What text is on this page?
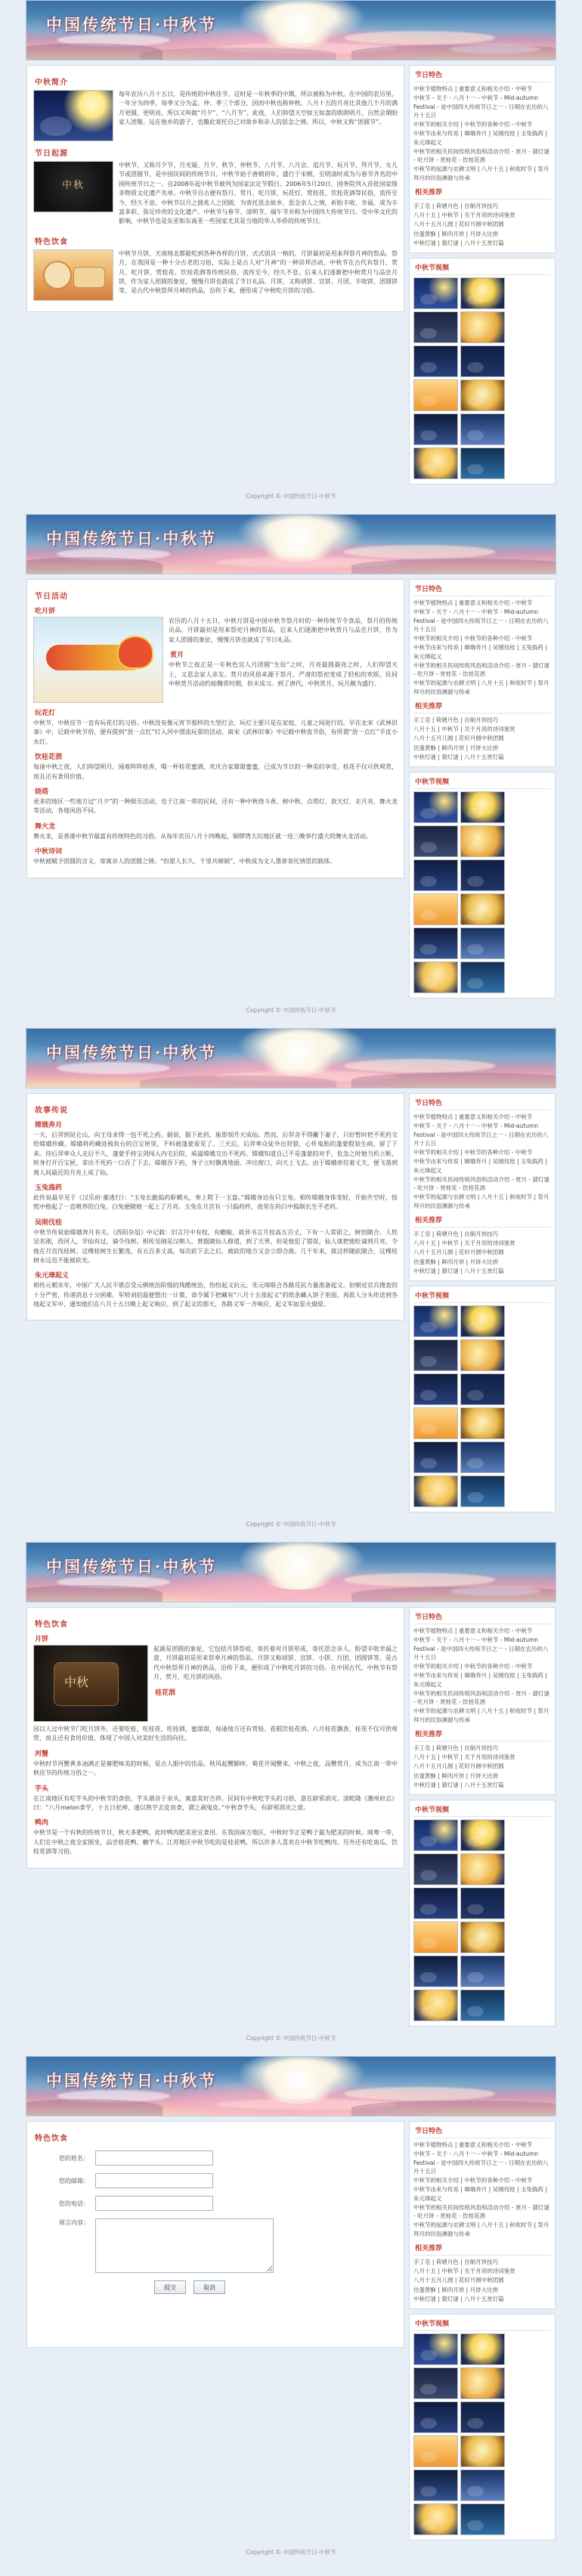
中国传统节日·中秋节
中秋简介
每年农历八月十五日，是传统的中秋佳节。这时是一年秋季的中期，所以被称为中秋。在中国的农历里，一年分为四季，每季又分为孟、仲、季三个部分，因而中秋也称仲秋。八月十五的月亮比其他几个月的满月更圆，更明亮，所以又叫做“月夕”、“八月节”。此夜，人们仰望天空如玉如盘的朗朗明月，自然会期盼家人团聚。远在他乡的游子，也籍此寄托自己对故乡和亲人的思念之情。所以，中秋又称“团圆节”。
节日起源
中秋
中秋节，又称月夕节、月光诞、月夕、秋节、仲秋节、八月节、八月会、追月节、玩月节、拜月节、女儿节或团圆节，是中国民间的传统节日。中秋节始于唐朝初年，盛行于宋朝，至明清时成为与春节齐名的中国传统节日之一。自2008年起中秋节被列为国家法定节假日。2006年5月20日，国务院列入首批国家级非物质文化遗产名单。中秋节自古便有祭月、赏月、吃月饼、玩花灯、赏桂花、饮桂花酒等民俗，流传至今，经久不息。中秋节以月之圆兆人之团圆，为寄托思念故乡，思念亲人之情，祈盼丰收、幸福，成为丰富多彩、弥足珍贵的文化遗产。中秋节与春节、清明节、端午节并称为中国四大传统节日。受中华文化的影响，中秋节也是东亚和东南亚一些国家尤其是当地的华人华侨的传统节日。
特色饮食
中秋节月饼，天南地北都能吃到各种各样的月饼，式式别具一格的，月饼最初是用来拜祭月神的祭品，祭月，在我国是一种十分古老的习俗，实际上是古人对“月神”的一种崇拜活动，中秋节在古代有祭月、赏月、吃月饼、赏桂花、饮桂花酒等传统民俗，流传至今，经久不息。后来人们逐渐把中秋赏月与品尝月饼，作为家人团圆的象征，慢慢月饼也就成了节日礼品。月饼，又称胡饼、宫饼、月团、丰收饼、团圆饼等，是古代中秋祭拜月神的供品，沿传下来，便形成了中秋吃月饼的习俗。
节日特色
中秋节植物特点 | 重要意义和相关介绍 - 中秋节
中秋节 - 关于 - 八月十一 - 中秋节 - Mid-autumn Festival - 是中国四大传统节日之一 - 日期在农历的八月十五日
中秋节的相关介绍 | 中秋节的各种介绍 - 中秋节
中秋节由来与传说 | 嫦娥奔月 | 吴刚伐桂 | 玉兔捣药 | 朱元璋起义
中秋节的相关民间传统风俗和活动介绍 - 赏月 - 猜灯谜 - 吃月饼 - 赏桂花 - 饮桂花酒
中秋节的起源与农耕文明 | 八月十五 | 秋收时节 | 祭月拜月的民俗渊源与传承
相关推荐
手工皂 | 荷塘月色 | 自制月饼技巧
八月十五 | 中秋节 | 关于月亮的诗词鉴赏
八月十五月儿圆 | 花好月圆中秋团圆
仿蛋黄酥 | 鲜肉月饼 | 月饼大比拼
中秋灯谜 | 猜灯谜 | 八月十五赏灯篇
中秋节视频
Copyright © 中国传统节日-中秋节
中国传统节日·中秋节
节日活动
吃月饼
农历的八月十五日，中秋月饼是中国中秋节祭月时的一种传统节令食品，祭月的传统贡品。月饼最初是用来祭祀月神的祭品，后来人们逐渐把中秋赏月与品尝月饼，作为家人团圆的象征，慢慢月饼也就成了节日礼品。
赏月
中秋节之夜正是一年秋色宜人月团圆“生辰”之时，月亮最圆最亮之时，人们仰望天上，又思念家人亲友。赏月的风俗来源于祭月，严肃的祭祀变成了轻松的欢娱。民间中秋赏月活动约始魏晋时期，但未成习。到了唐代，中秋赏月、玩月颇为盛行。
玩花灯
中秋节，中秋佳节一直有玩花灯的习俗。中秋没有像元宵节那样的大型灯会，玩灯主要只是在家庭、儿童之间进行的。早在北宋《武林旧事》中，记载中秋节俗，便有提到“放一点红”灯入河中漂流玩耍的活动。南宋《武林旧事》中记载中秋夜节俗，有所谓“放一点红”羊皮小水灯。
饮桂花酒
每逢中秋之夜，人们仰望明月，闻着阵阵桂香，喝一杯桂花蜜酒，欢庆合家甜甜蜜蜜，已成为节日的一种美的享受。桂花不仅可供观赏，而且还有食用价值。
烧塔
更多的地区一些地方过“月夕”的一种娱乐活动，也于江南一带的民间，还有一种中秋烧斗香、树中秋、点塔灯、放天灯、走月亮、舞火龙等活动，各地风俗不同。
舞火龙
舞火龙，是香港中秋节最富有传统特色的习俗。从每年农历八月十四晚起，铜锣湾大坑地区就一连三晚举行盛大的舞火龙活动。
中秋诗词
中秋被赋予团圆的含义，寄寓亲人的团圆之情。“但愿人长久，千里共婵娟”，中秋成为文人墨客寄托情思的载体。
节日特色
中秋节植物特点 | 重要意义和相关介绍 - 中秋节
中秋节 - 关于 - 八月十一 - 中秋节 - Mid-autumn Festival - 是中国四大传统节日之一 - 日期在农历的八月十五日
中秋节的相关介绍 | 中秋节的各种介绍 - 中秋节
中秋节由来与传说 | 嫦娥奔月 | 吴刚伐桂 | 玉兔捣药 | 朱元璋起义
中秋节的相关民间传统风俗和活动介绍 - 赏月 - 猜灯谜 - 吃月饼 - 赏桂花 - 饮桂花酒
中秋节的起源与农耕文明 | 八月十五 | 秋收时节 | 祭月拜月的民俗渊源与传承
相关推荐
手工皂 | 荷塘月色 | 自制月饼技巧
八月十五 | 中秋节 | 关于月亮的诗词鉴赏
八月十五月儿圆 | 花好月圆中秋团圆
仿蛋黄酥 | 鲜肉月饼 | 月饼大比拼
中秋灯谜 | 猜灯谜 | 八月十五赏灯篇
中秋节视频
Copyright © 中国传统节日-中秋节
中国传统节日·中秋节
故事传说
嫦娥奔月
一天，后羿到昆仑山，向王母求得一包不死之药。据说，服下此药，能即刻升天成仙。然而，后羿舍不得撇下妻子，只好暂时把不死药交给嫦娥珍藏。嫦娥将药藏进梳妆台的百宝匣里，不料被蓬蒙看见了。三天后，后羿率众徒外出狩猎，心怀鬼胎的蓬蒙假装生病，留了下来。待后羿率众人走后不久，蓬蒙手持宝剑闯入内宅后院，威逼嫦娥交出不死药。嫦娥知道自己不是蓬蒙的对手，危急之时她当机立断，转身打开百宝匣，拿出不死药一口吞了下去。嫦娥吞下药，身子立时飘离地面、冲出窗口，向天上飞去。由于嫦娥牵挂着丈夫，便飞落到离人间最近的月亮上成了仙。
玉兔捣药
此传说最早见于《汉乐府·董逃行》：“玉兔长跪捣药虾蟆丸，奉上陛下一玉盘。”嫦娥身边有只玉兔。相传嫦娥身体变轻，开始升空时，惊慌中抱起了一直喂养的白兔。白兔便随她一起上了月亮。玉兔在月宫有一只捣药杵，夜里在药臼中捣制长生不老药。
吴刚伐桂
中秋节传说始嫦娥奔月有关。《酉阳杂俎》中记载：旧言月中有桂，有蟾蜍，故异书言月桂高五百丈，下有一人常斫之，树创随合。人姓吴名刚，西河人，学仙有过，谪令伐树。相传吴刚是汉朝人，曾跟随仙人修道，到了天界，但是他犯了错误，仙人就把他贬谪到月亮，令他在月宫伐桂树。这棵桂树生长繁茂，有五百多丈高，每次砍下去之后，被砍的地方又会立即合拢。几千年来，就这样随砍随合，这棵桂树永远也不能被砍光。
朱元璋起义
相传元朝末年，中原广大人民不堪忍受元朝统治阶级的残酷统治，纷纷起义抗元。朱元璋联合各路反抗力量准备起义。但朝廷官兵搜查的十分严密，传递消息十分困难。军师刘伯温便想出一计策，命令属下把藏有“八月十五夜起义”的纸条藏入饼子里面，再派人分头传送到各地起义军中，通知他们在八月十五日晚上起义响应。到了起义的那天，各路义军一齐响应，起义军如星火燎原。
节日特色
中秋节植物特点 | 重要意义和相关介绍 - 中秋节
中秋节 - 关于 - 八月十一 - 中秋节 - Mid-autumn Festival - 是中国四大传统节日之一 - 日期在农历的八月十五日
中秋节的相关介绍 | 中秋节的各种介绍 - 中秋节
中秋节由来与传说 | 嫦娥奔月 | 吴刚伐桂 | 玉兔捣药 | 朱元璋起义
中秋节的相关民间传统风俗和活动介绍 - 赏月 - 猜灯谜 - 吃月饼 - 赏桂花 - 饮桂花酒
中秋节的起源与农耕文明 | 八月十五 | 秋收时节 | 祭月拜月的民俗渊源与传承
相关推荐
手工皂 | 荷塘月色 | 自制月饼技巧
八月十五 | 中秋节 | 关于月亮的诗词鉴赏
八月十五月儿圆 | 花好月圆中秋团圆
仿蛋黄酥 | 鲜肉月饼 | 月饼大比拼
中秋灯谜 | 猜灯谜 | 八月十五赏灯篇
中秋节视频
Copyright © 中国传统节日-中秋节
中国传统节日·中秋节
特色饮食
月饼
中秋
起源是团圆的象征，它包括月饼祭祖，寄托着对月饼形成，寄托思念亲人、盼望丰收幸福之意，月饼最初是用来祭奉月神的祭品。月饼又称胡饼、宫饼、小饼、月团、团圆饼等，是古代中秋祭拜月神的供品，沿传下来，便形成了中秋吃月饼的习俗。在中国古代，中秋节有祭月、赏月、吃月饼的风俗。
桂花酒
因以人过中秋节门吃月饼外，还要吃桂、吃桂花、吃桂酒，蜜甜甜，每逢地方还有赏桂、花糕饮桂花酒。八月桂花飘香，桂花不仅可供观赏，而且还有食用价值，体现了中国人对美好生活的向往。
河蟹
中秋时节河蟹黄多油满正是膏肥味美的时候，是古人眼中的佳品。秋风起蟹脚痒，菊花开闻蟹来。中秋之夜，品蟹赏月，成为江南一带中秋佳节的传统习俗之一。
芋头
在江南地区有吃芋头的中秋节的食俗，芋头谐音于余头，寓意美好吉祥。民间有中秋吃芋头的习俗，意在辟邪消灾。清乾隆《潮州府志》曰：“八月melon食芋，十五日祀神，通以熟芋去皮而食，谓之剥鬼皮。”中秋食芋头，有辟邪消灾之意。
鸭肉
中秋节是一个有秋的传统节日，秋天多肥鸭，此时鸭肉肥美更宜食用。在我国南方地区，中秋时节正是鸭子最为肥美的时候。闽粤一带，人们在中秋之夜全家围坐，品尝桂花鸭、糖芋头。江苏地区中秋节吃的是桂花鸭，所以许多人喜欢在中秋节吃鸭肉。另外还有吃南瓜、饮桂花酒等习俗。
节日特色
中秋节植物特点 | 重要意义和相关介绍 - 中秋节
中秋节 - 关于 - 八月十一 - 中秋节 - Mid-autumn Festival - 是中国四大传统节日之一 - 日期在农历的八月十五日
中秋节的相关介绍 | 中秋节的各种介绍 - 中秋节
中秋节由来与传说 | 嫦娥奔月 | 吴刚伐桂 | 玉兔捣药 | 朱元璋起义
中秋节的相关民间传统风俗和活动介绍 - 赏月 - 猜灯谜 - 吃月饼 - 赏桂花 - 饮桂花酒
中秋节的起源与农耕文明 | 八月十五 | 秋收时节 | 祭月拜月的民俗渊源与传承
相关推荐
手工皂 | 荷塘月色 | 自制月饼技巧
八月十五 | 中秋节 | 关于月亮的诗词鉴赏
八月十五月儿圆 | 花好月圆中秋团圆
仿蛋黄酥 | 鲜肉月饼 | 月饼大比拼
中秋灯谜 | 猜灯谜 | 八月十五赏灯篇
中秋节视频
Copyright © 中国传统节日-中秋节
中国传统节日·中秋节
特色饮食
您的姓名：
您的邮箱：
您的电话：
留言内容：
提交	取消
节日特色
中秋节植物特点 | 重要意义和相关介绍 - 中秋节
中秋节 - 关于 - 八月十一 - 中秋节 - Mid-autumn Festival - 是中国四大传统节日之一 - 日期在农历的八月十五日
中秋节的相关介绍 | 中秋节的各种介绍 - 中秋节
中秋节由来与传说 | 嫦娥奔月 | 吴刚伐桂 | 玉兔捣药 | 朱元璋起义
中秋节的相关民间传统风俗和活动介绍 - 赏月 - 猜灯谜 - 吃月饼 - 赏桂花 - 饮桂花酒
中秋节的起源与农耕文明 | 八月十五 | 秋收时节 | 祭月拜月的民俗渊源与传承
相关推荐
手工皂 | 荷塘月色 | 自制月饼技巧
八月十五 | 中秋节 | 关于月亮的诗词鉴赏
八月十五月儿圆 | 花好月圆中秋团圆
仿蛋黄酥 | 鲜肉月饼 | 月饼大比拼
中秋灯谜 | 猜灯谜 | 八月十五赏灯篇
中秋节视频
Copyright © 中国传统节日-中秋节
